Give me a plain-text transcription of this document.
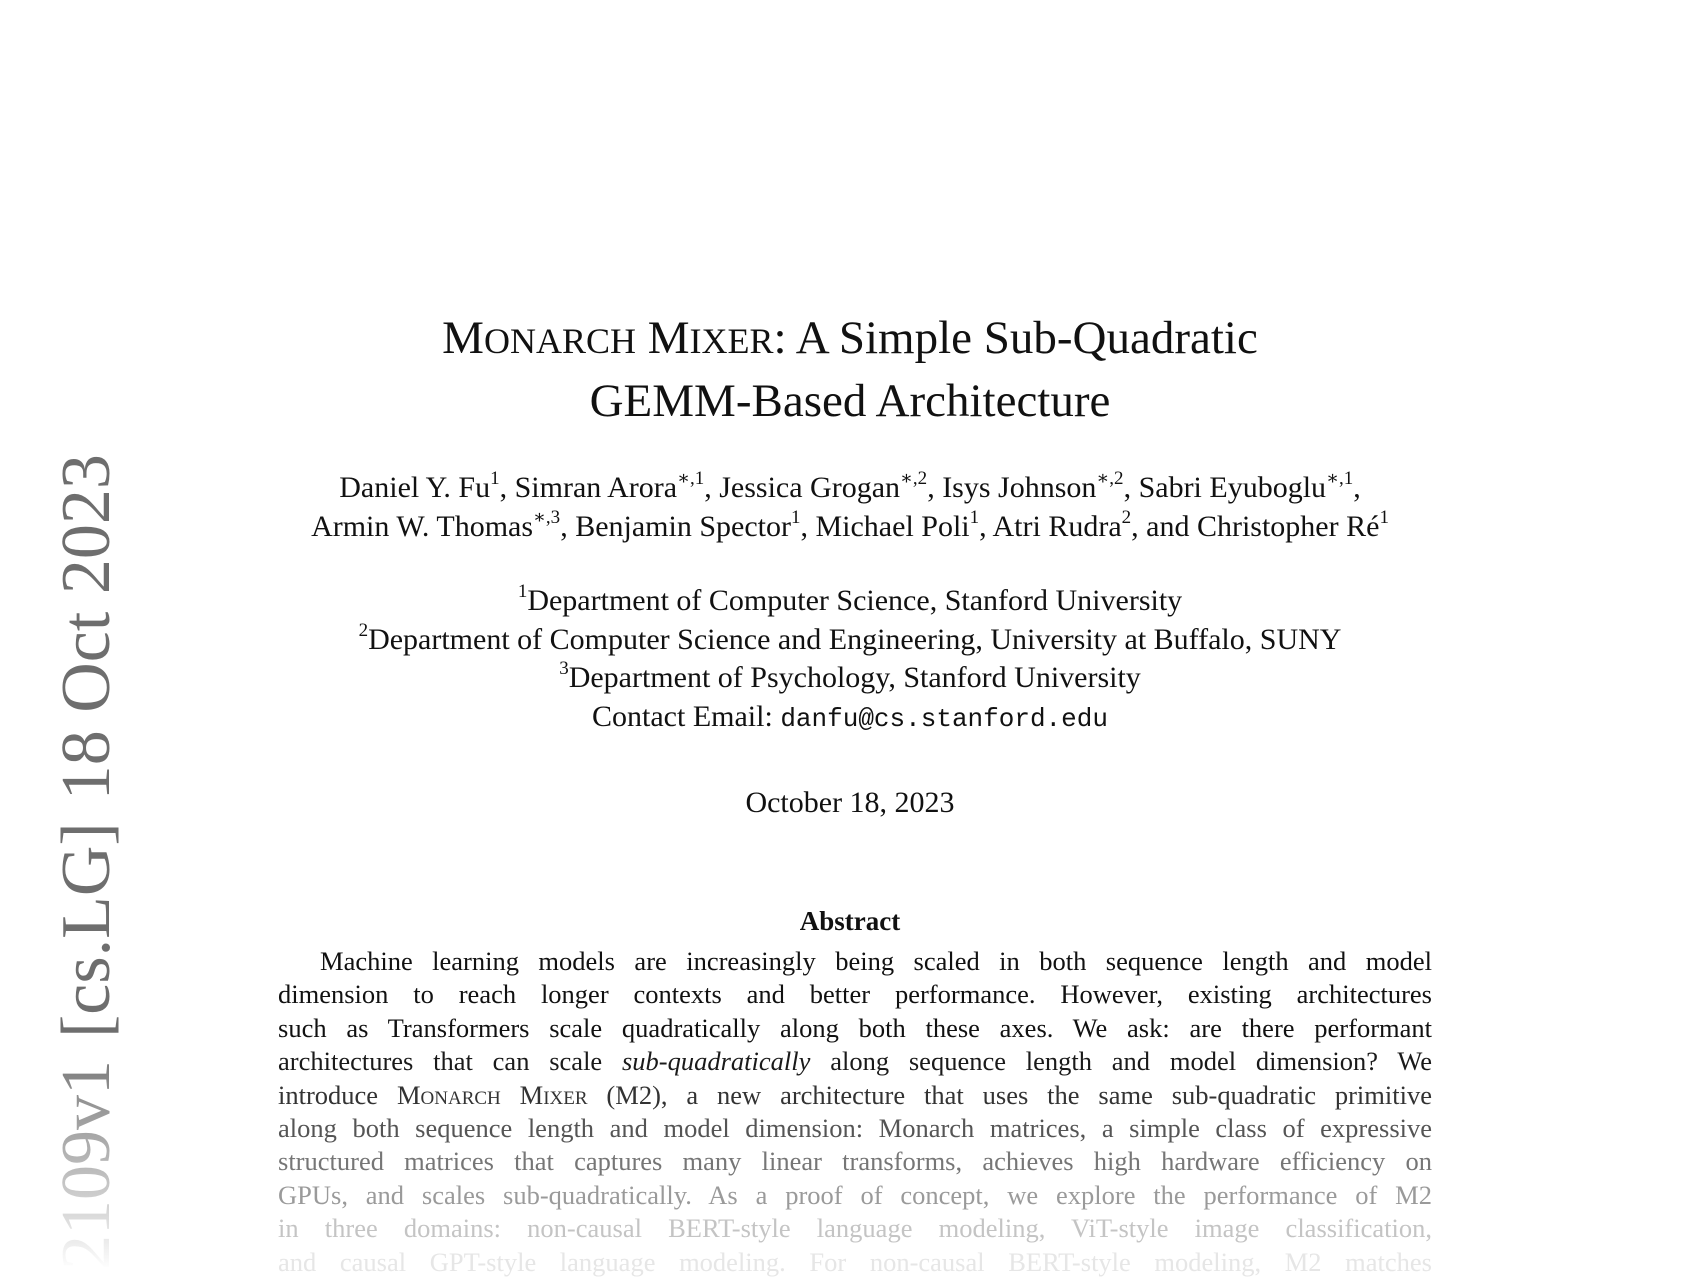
2109v1[cs.LG]18 Oct 2023
MONARCH MIXER: A Simple Sub-Quadratic
GEMM-Based Architecture
Daniel Y. Fu$^1$, Simran Arora$^{∗,1}$, Jessica Grogan$^{∗,2}$, Isys Johnson$^{∗,2}$, Sabri Eyuboglu$^{∗,1}$,
Armin W. Thomas$^{∗,3}$, Benjamin Spector$^1$, Michael Poli$^1$, Atri Rudra$^2$, and Christopher $Ré^1$
$^1$Department of Computer Science, Stanford University
$^2$Department of Computer Science and Engineering, University at Buffalo, SUNY
$^3$Department of Psychology, Stanford University
Contact Email: danfu@cs.stanford.edu
October 18, 2023
Abstract
Machine learning models are increasingly being scaled in both sequence length and model
dimension to reach longer contexts and better performance. However, existing architectures
such as Transformers scale quadratically along both these axes. We ask: are there performant
architectures that can scale sub-quadratically along sequence length and model dimension? We
introduce Monarch Mixer (M2), a new architecture that uses the same sub-quadratic primitive
along both sequence length and model dimension: Monarch matrices, a simple class of expressive
structured matrices that captures many linear transforms, achieves high hardware efficiency on
GPUs, and scales sub-quadratically. As a proof of concept, we explore the performance of M2
in three domains: non-causal BERT-style language modeling, ViT-style image classification,
and causal GPT-style language modeling. For non-causal BERT-style modeling, M2 matches
